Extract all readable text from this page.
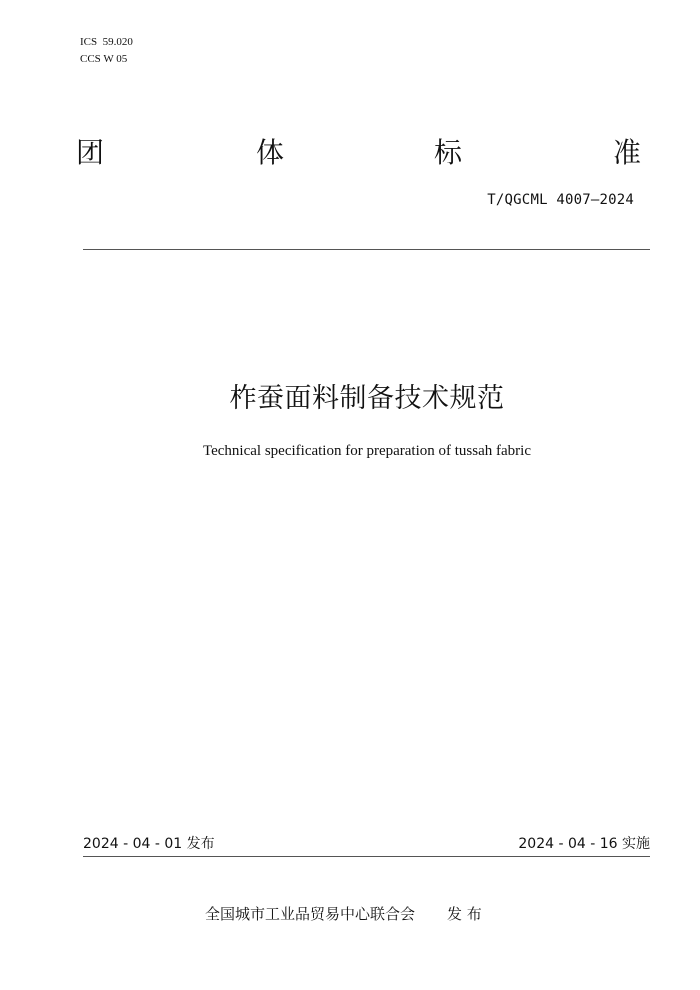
ICS  59.020
CCS W 05
团	体	标	准
T/QGCML 4007—2024
柞蚕面料制备技术规范
Technical specification for preparation of tussah fabric
2024 - 04 - 01 发布	2024 - 04 - 16 实施
全国城市工业品贸易中心联合会 发 布
